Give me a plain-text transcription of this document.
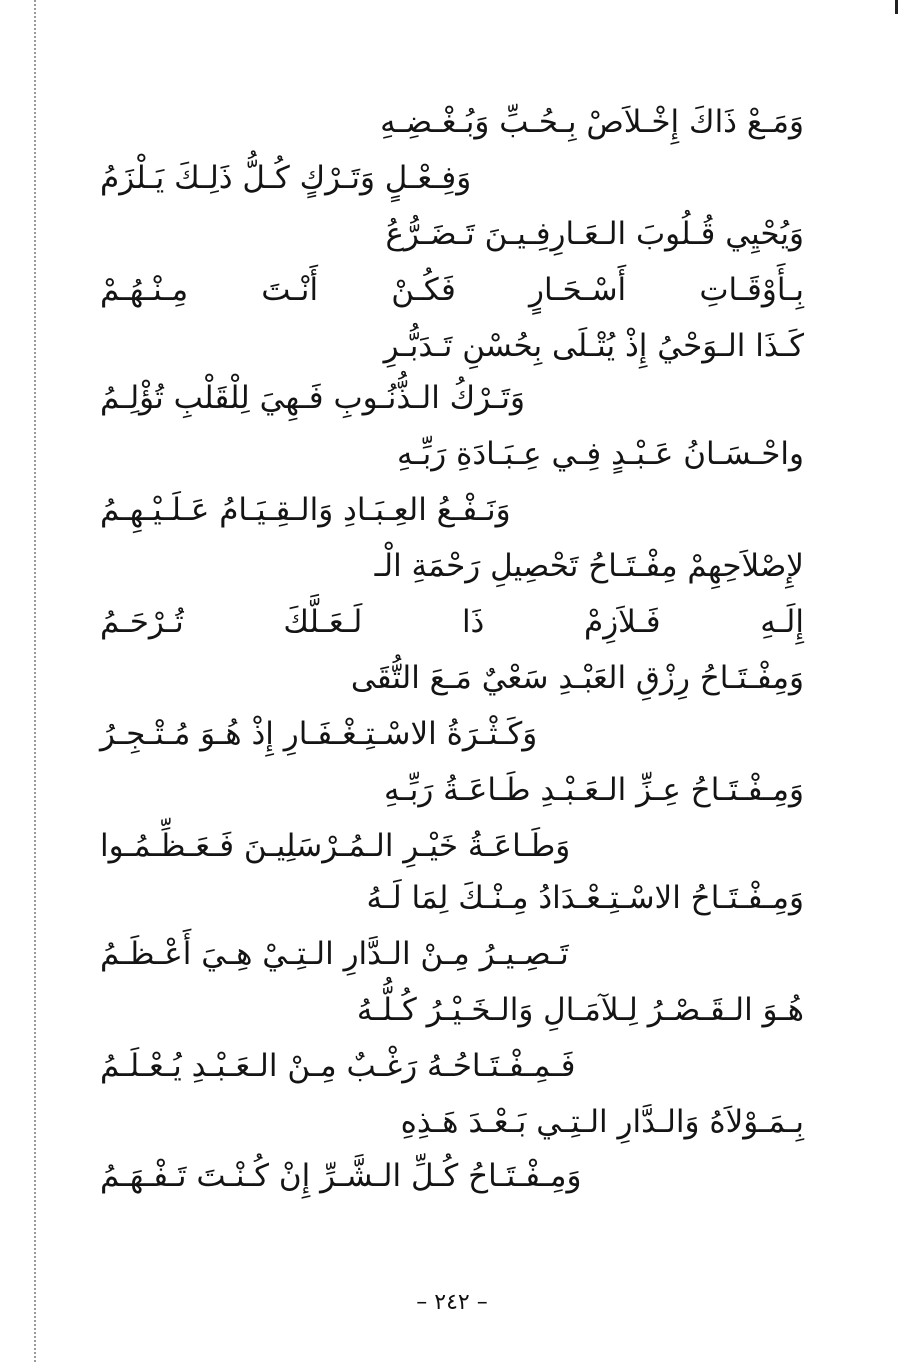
وَمَـعْ ذَاكَ إِخْـلاَصْ بِـحُـبِّ وَبُـغْـضِـهِ
وَفِـعْـلٍ وَتَـرْكٍ كُـلُّ ذَلِـكَ يَـلْزَمُ
وَيُحْيِي قُـلُوبَ الـعَـارِفِـيـنَ تَـضَـرُّعُ
بِـأَوْقَـاتِ أَسْـحَـارٍ فَكُـنْ أَنْـتَ مِـنْـهُـمْ
كَـذَا الـوَحْيُ إِذْ يُتْـلَى بِحُسْنِ تَـدَبُّـرِ
وَتَـرْكُ الـذُّنُـوبِ فَـهِيَ لِلْقَلْبِ تُؤْلِـمُ
واحْـسَـانُ عَـبْـدٍ فِـي عِـبَـادَةِ رَبِّـهِ
وَنَـفْـعُ العِـبَـادِ وَالـقِـيَـامُ عَـلَـيْـهِـمُ
لإِصْلاَحِهِمْ مِفْـتَـاحُ تَحْصِيلِ رَحْمَةِ الْـ
إِلَـهِ فَـلاَزِمْ ذَا لَـعَـلَّكَ تُـرْحَـمُ
وَمِفْـتَـاحُ رِزْقِ العَبْـدِ سَعْيٌ مَـعَ التُّقَى
وَكَـثْـرَةُ الاسْـتِـغْـفَـارِ إِذْ هُـوَ مُـتْـجِـرُ
وَمِـفْـتَـاحُ عِـزِّ الـعَـبْـدِ طَـاعَـةُ رَبِّـهِ
وَطَـاعَـةُ خَيْـرِ الـمُـرْسَلِيـنَ فَـعَـظِّـمُـوا
وَمِـفْـتَـاحُ الاسْـتِـعْـدَادُ مِـنْـكَ لِمَا لَـهُ
تَـصِـيـرُ مِـنْ الـدَّارِ الـتِـيْ هِـيَ أَعْـظَـمُ
هُـوَ الـقَـصْـرُ لِـلآمَـالِ وَالـخَـيْـرُ كُـلُّـهُ
فَـمِـفْـتَـاحُـهُ رَغْـبٌ مِـنْ الـعَـبْـدِ يُـعْـلَـمُ
بِـمَـوْلاَهُ وَالـدَّارِ الـتِـي بَـعْـدَ هَـذِهِ
وَمِـفْـتَـاحُ كُـلِّ الـشَّـرِّ إِنْ كُـنْـتَ تَـفْـهَـمُ
– ٢٤٢ –
